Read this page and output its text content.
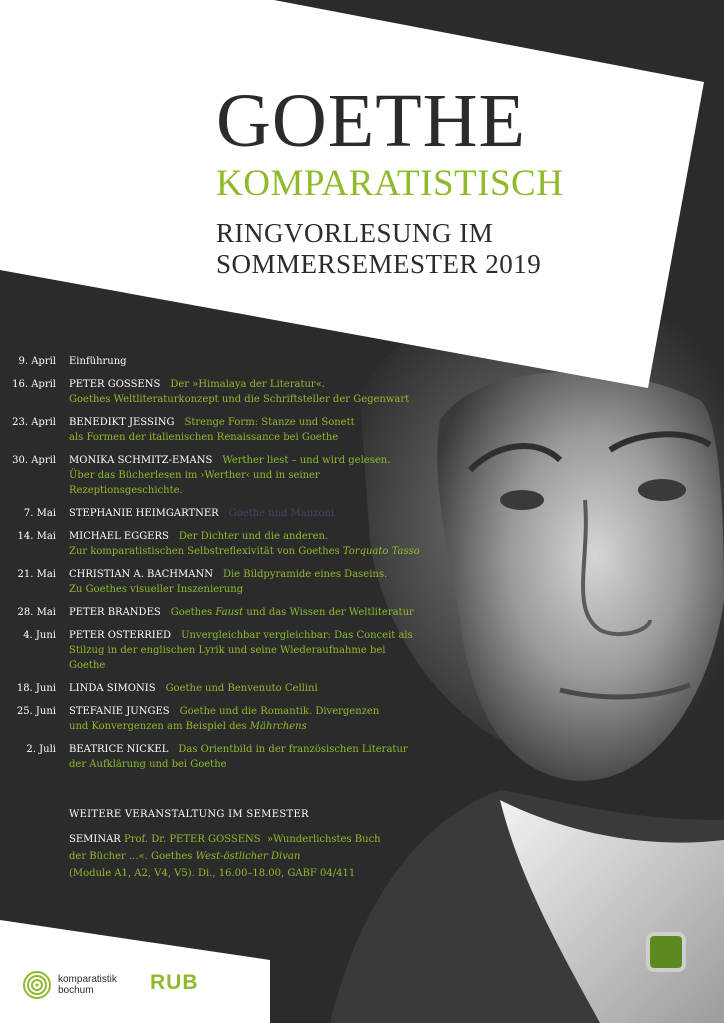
GOETHE
KOMPARATISTISCH
RINGVORLESUNG IM
SOMMERSEMESTER 2019
9. April Einführung
16. April PETER GOSSENS Der »Himalaya der Literatur«.
Goethes Weltliteraturkonzept und die Schriftsteller der Gegenwart
23. April BENEDIKT JESSING Strenge Form: Stanze und Sonett
als Formen der italienischen Renaissance bei Goethe
30. April MONIKA SCHMITZ-EMANS Werther liest – und wird gelesen.
Über das Bücherlesen im ›Werther‹ und in seiner Rezeptionsgeschichte.
7. Mai STEPHANIE HEIMGARTNER Goethe und Manzoni
14. Mai MICHAEL EGGERS Der Dichter und die anderen.
Zur komparatistischen Selbstreflexivität von Goethes Torquato Tasso
21. Mai CHRISTIAN A. BACHMANN Die Bildpyramide eines Daseins.
Zu Goethes visueller Inszenierung
28. Mai PETER BRANDES Goethes Faust und das Wissen der Weltliteratur
4. Juni PETER OSTERRIED Unvergleichbar vergleichbar: Das Conceit als
Stilzug in der englischen Lyrik und seine Wiederaufnahme bei Goethe
18. Juni LINDA SIMONIS Goethe und Benvenuto Cellini
25. Juni STEFANIE JUNGES Goethe und die Romantik. Divergenzen
und Konvergenzen am Beispiel des Mährchens
2. Juli BEATRICE NICKEL Das Orientbild in der französischen Literatur
der Aufklärung und bei Goethe
WEITERE VERANSTALTUNG IM SEMESTER
SEMINAR Prof. Dr. PETER GOSSENS »Wunderlichstes Buch
der Bücher ...«. Goethes West-östlicher Divan
(Module A1, A2, V4, V5). Di., 16.00–18.00, GABF 04/411
komparatistik
bochum	RUB
